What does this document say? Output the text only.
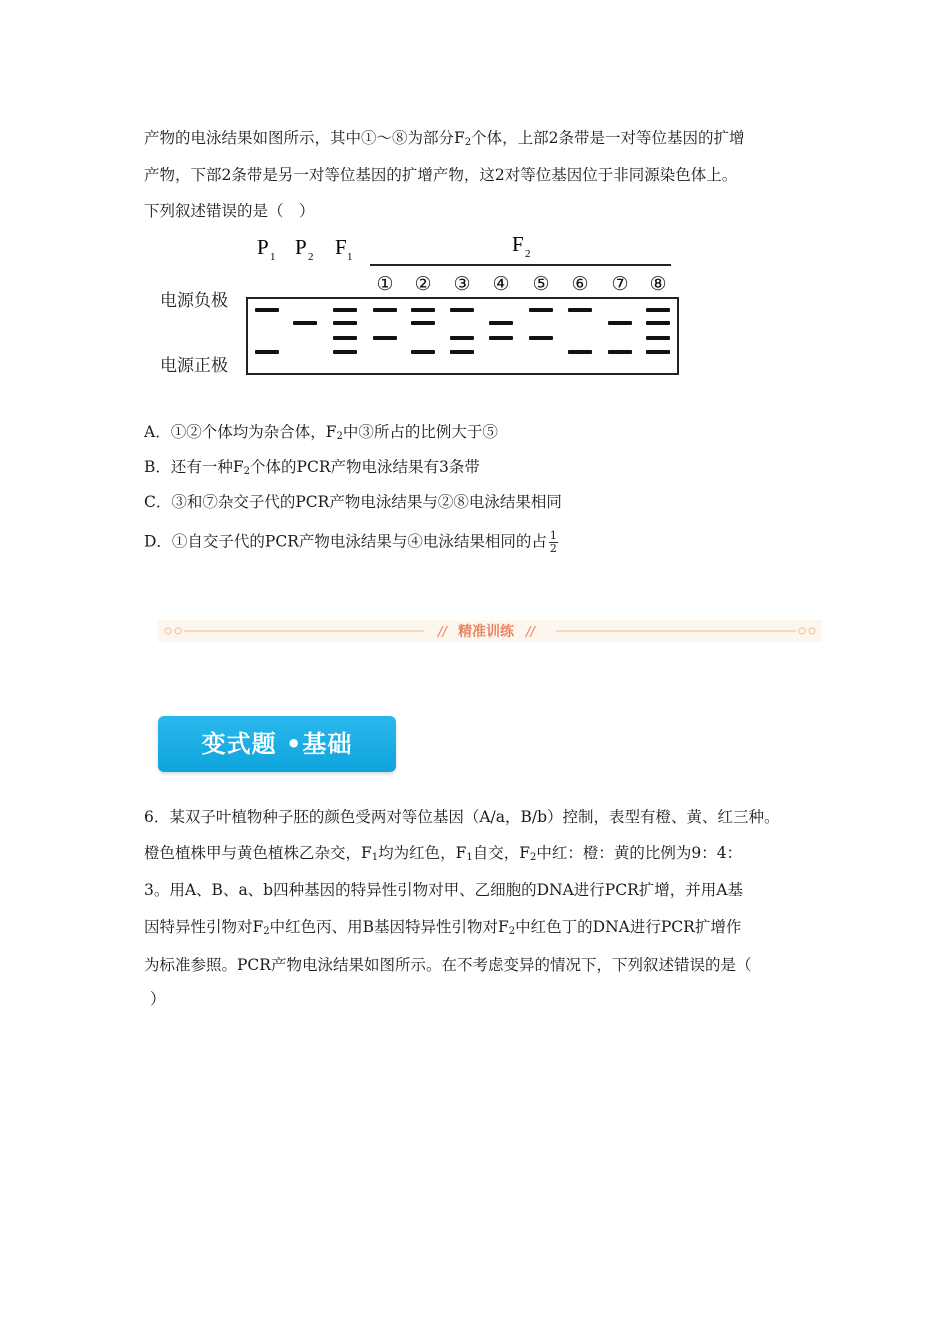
产物的电泳结果如图所示，其中①～⑧为部分$F_2$个体，上部2条带是一对等位基因的扩增
产物，下部2条带是另一对等位基因的扩增产物，这2对等位基因位于非同源染色体上。
下列叙述错误的是（　）
P 1 P 2 F 1
F 2
① ② ③ ④ ⑤ ⑥ ⑦ ⑧
电源负极
电源正极
A．①②个体均为杂合体，$F_2$中③所占的比例大于⑤
B．还有一种$F_2$个体的PCR产物电泳结果有3条带
C．③和⑦杂交子代的PCR产物电泳结果与②⑧电泳结果相同
D．①自交子代的PCR产物电泳结果与④电泳结果相同的占 $\frac{1}{2}$
// 精准训练 //
变式题 •基础
6．某双子叶植物种子胚的颜色受两对等位基因（A/a，B/b）控制，表型有橙、黄、红三种。
橙色植株甲与黄色植株乙杂交，$F_1$均为红色，$F_1$自交，$F_2$中红：橙：黄的比例为9：4：
3。用A、B、a、b四种基因的特异性引物对甲、乙细胞的DNA进行PCR扩增，并用A基
因特异性引物对$F_2$中红色丙、用B基因特异性引物对$F_2$中红色丁的DNA进行PCR扩增作
为标准参照。PCR产物电泳结果如图所示。在不考虑变异的情况下，下列叙述错误的是（
）
